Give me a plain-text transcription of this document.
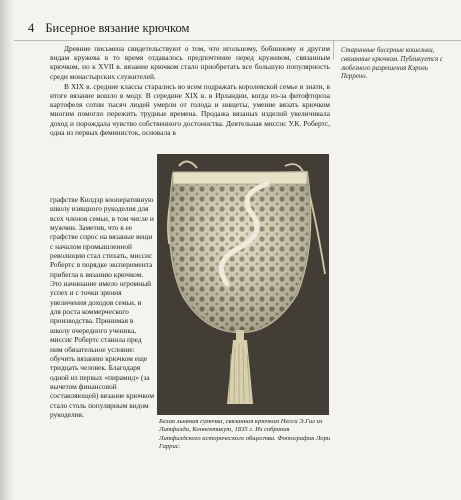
4 Бисерное вязание крючком

Древние письмена свидетельствуют о том, что игольному, бобинному и другим видам кружева в то время отдавалось предпочтение перед кружевом, связанным крючком, но к XVII в. вязание крючком стало приобретать все большую популярность среди монастырских служителей.

В XIX в. средние классы старались во всем подражать королевской семье и знати, в итоге вязание вошло в моду. В середине XIX в. в Ирландии, когда из-за фитофтороза картофеля сотни тысяч людей умерли от голода и нищеты, умение вязать крючком многим помогло пережить трудные времена. Продажа вязаных изделий увеличивала доход и порождала чувство собственного достоинства. Деятельная миссис У.К. Робертс, одна из первых феминисток, основала в

Старинные бисерные кошельки, связанные крючком. Публикуется с любезного разрешения Кэроль Перрено.

графстве Килдэр кооперативную школу изящного рукоделия для всех членов семьи, в том числе и мужчин. Заметив, что в ее графстве спрос на вязаные вещи с началом промышленной революции стал стихать, миссис Робертс в порядке эксперимента прибегла к вязанию крючком. Это начинание имело огромный успех и с точки зрения увеличения доходов семьи, и для роста коммерческого производства. Принимая в школу очередного ученика, миссис Робертс ставила пред ним обязательное условие: обучить вязанию крючком еще тридцать человек. Благодаря одной из первых «пирамид» (за вычетом финансовой составляющей) вязание крючком стало столь популярным видом рукоделия.

Белая льняная сумочка, связанная крючком Несси Э.Гил из Литфилда, Коннектикут, 1835 г. Из собрания Литфилдского исторического общества. Фотография Лори Гаррис.
